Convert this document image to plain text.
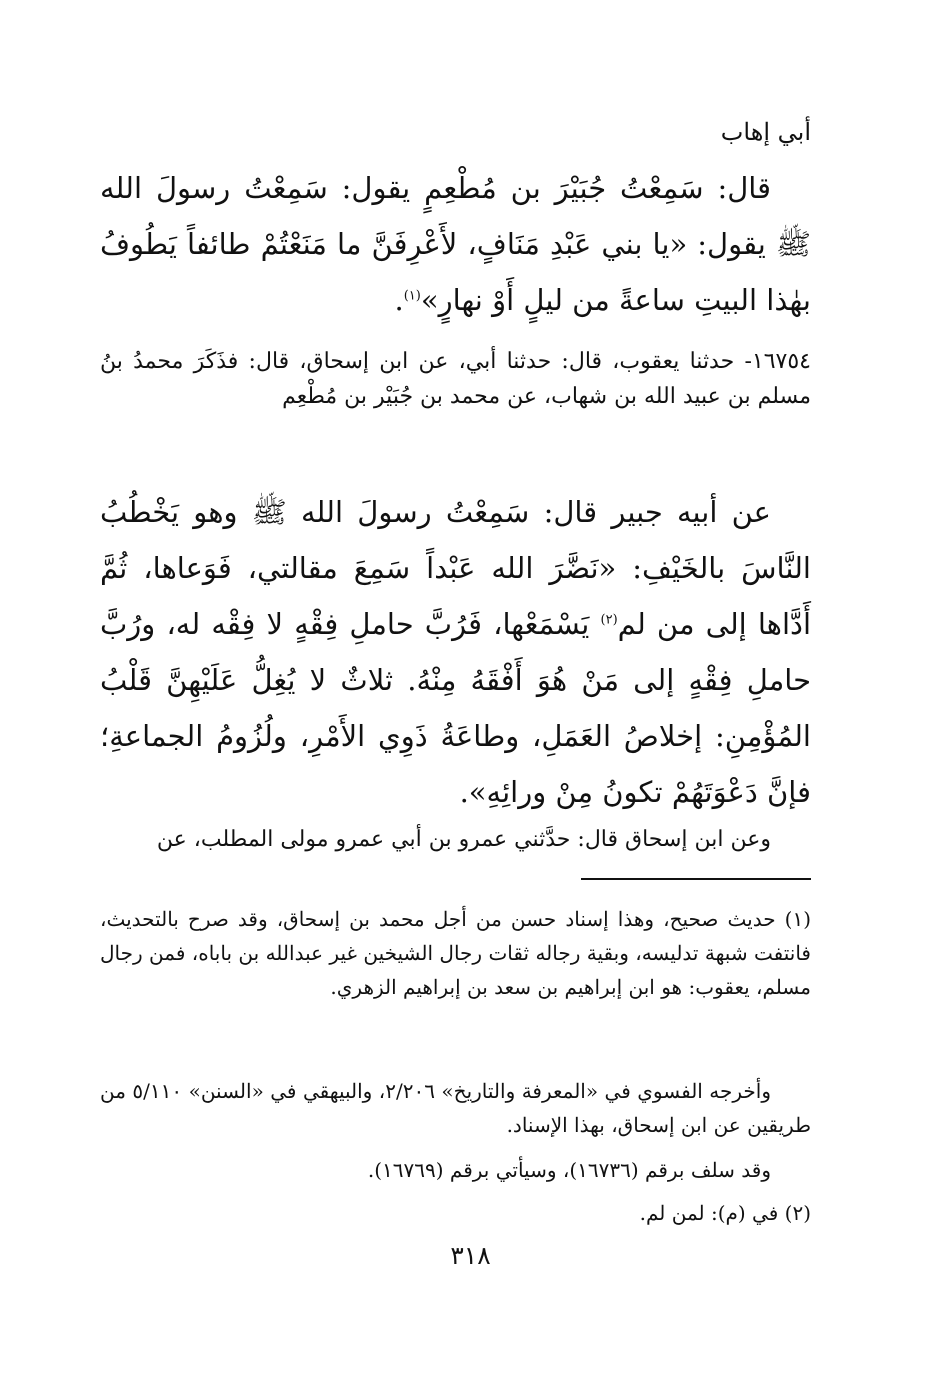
أبي إهاب
قال: سَمِعْتُ جُبَيْرَ بن مُطْعِمٍ يقول: سَمِعْتُ رسولَ الله ﷺ يقول: «يا بني عَبْدِ مَنَافٍ، لأَعْرِفَنَّ ما مَنَعْتُمْ طائفاً يَطُوفُ بهٰذا البيتِ ساعةً من ليلٍ أَوْ نهارٍ»$^{(١)}$.
١٦٧٥٤- حدثنا يعقوب، قال: حدثنا أبي، عن ابن إسحاق، قال: فذَكَرَ محمدُ بنُ مسلم بن عبيد الله بن شهاب، عن محمد بن جُبَيْر بن مُطْعِم
عن أبيه جبير قال: سَمِعْتُ رسولَ الله ﷺ وهو يَخْطُبُ النَّاسَ بالخَيْفِ: «نَضَّرَ الله عَبْداً سَمِعَ مقالتي، فَوَعاها، ثُمَّ أَدَّاها إلى من لم$^{(٢)}$ يَسْمَعْها، فَرُبَّ حاملِ فِقْهٍ لا فِقْه له، ورُبَّ حاملِ فِقْهٍ إلى مَنْ هُوَ أَفْقَهُ مِنْهُ. ثلاثٌ لا يُغِلُّ عَلَيْهِنَّ قَلْبُ المُؤْمِنِ: إخلاصُ العَمَلِ، وطاعَةُ ذَوِي الأَمْرِ، ولُزُومُ الجماعةِ؛ فإنَّ دَعْوَتَهُمْ تكونُ مِنْ ورائِهِ».
وعن ابن إسحاق قال: حدَّثني عمرو بن أبي عمرو مولى المطلب، عن
(١) حديث صحيح، وهذا إسناد حسن من أجل محمد بن إسحاق، وقد صرح بالتحديث، فانتفت شبهة تدليسه، وبقية رجاله ثقات رجال الشيخين غير عبدالله بن باباه، فمن رجال مسلم، يعقوب: هو ابن إبراهيم بن سعد بن إبراهيم الزهري.
وأخرجه الفسوي في «المعرفة والتاريخ» ٢/٢٠٦، والبيهقي في «السنن» ٥/١١٠ من طريقين عن ابن إسحاق، بهذا الإسناد.
وقد سلف برقم (١٦٧٣٦)، وسيأتي برقم (١٦٧٦٩).
(٢) في (م): لمن لم.
٣١٨
